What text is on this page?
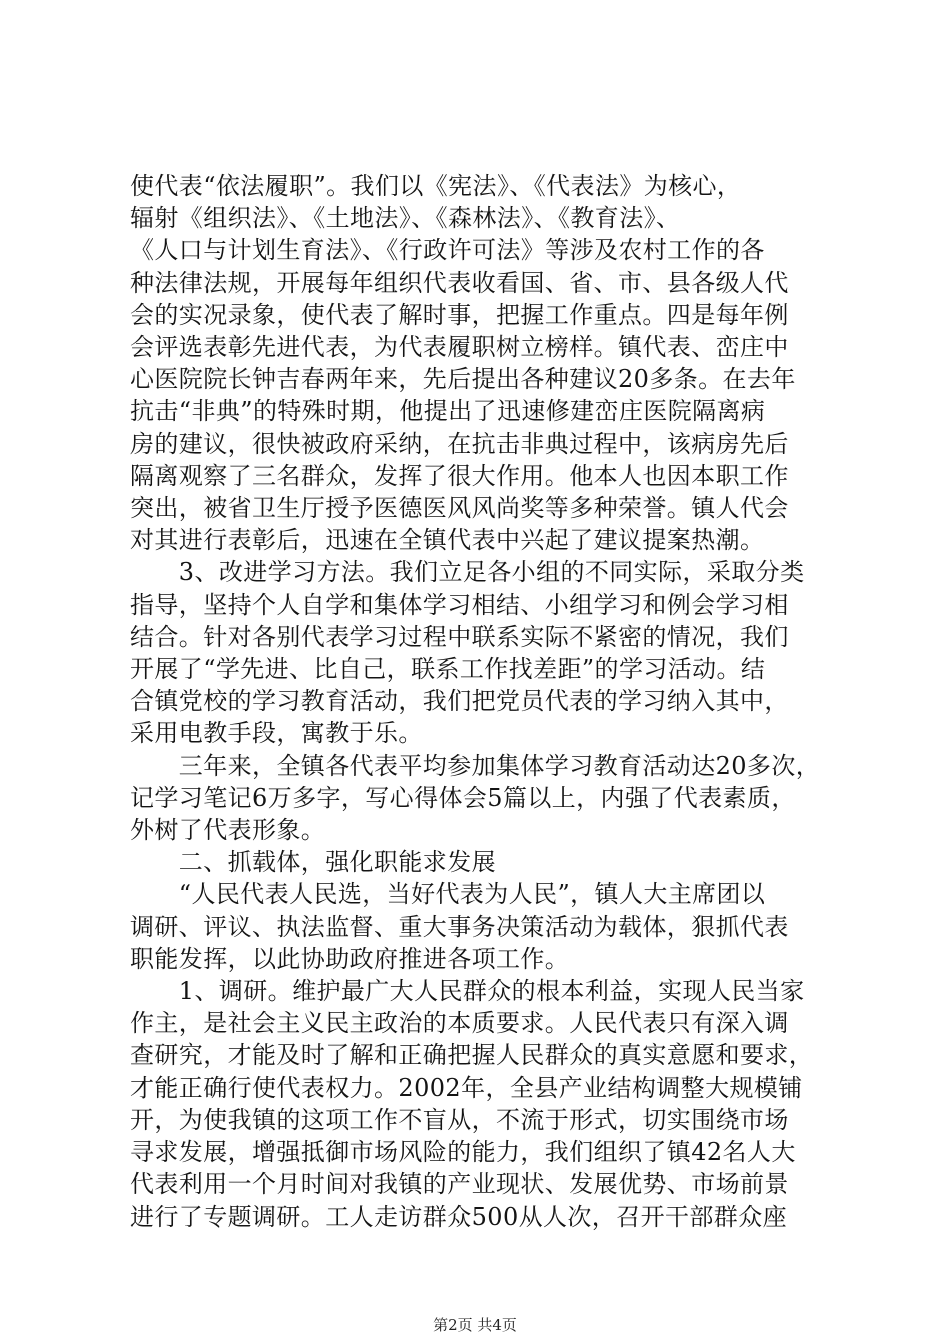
使代表“依法履职”。我们以《宪法》、《代表法》为核心，
辐射《组织法》、《土地法》、《森林法》、《教育法》、
《人口与计划生育法》、《行政许可法》等涉及农村工作的各
种法律法规，开展每年组织代表收看国、省、市、县各级人代
会的实况录象，使代表了解时事，把握工作重点。四是每年例
会评选表彰先进代表，为代表履职树立榜样。镇代表、峦庄中
心医院院长钟吉春两年来，先后提出各种建议20多条。在去年
抗击“非典”的特殊时期，他提出了迅速修建峦庄医院隔离病
房的建议，很快被政府采纳，在抗击非典过程中，该病房先后
隔离观察了三名群众，发挥了很大作用。他本人也因本职工作
突出，被省卫生厅授予医德医风风尚奖等多种荣誉。镇人代会
对其进行表彰后，迅速在全镇代表中兴起了建议提案热潮。
　　3、改进学习方法。我们立足各小组的不同实际，采取分类
指导，坚持个人自学和集体学习相结、小组学习和例会学习相
结合。针对各别代表学习过程中联系实际不紧密的情况，我们
开展了“学先进、比自己，联系工作找差距”的学习活动。结
合镇党校的学习教育活动，我们把党员代表的学习纳入其中，
采用电教手段，寓教于乐。
　　三年来，全镇各代表平均参加集体学习教育活动达20多次，
记学习笔记6万多字，写心得体会5篇以上，内强了代表素质，
外树了代表形象。
　　二、抓载体，强化职能求发展
　　“人民代表人民选，当好代表为人民”，镇人大主席团以
调研、评议、执法监督、重大事务决策活动为载体，狠抓代表
职能发挥，以此协助政府推进各项工作。
　　1、调研。维护最广大人民群众的根本利益，实现人民当家
作主，是社会主义民主政治的本质要求。人民代表只有深入调
查研究，才能及时了解和正确把握人民群众的真实意愿和要求，
才能正确行使代表权力。2002年，全县产业结构调整大规模铺
开，为使我镇的这项工作不盲从，不流于形式，切实围绕市场
寻求发展，增强抵御市场风险的能力，我们组织了镇42名人大
代表利用一个月时间对我镇的产业现状、发展优势、市场前景
进行了专题调研。工人走访群众500从人次，召开干部群众座
第2页 共4页
